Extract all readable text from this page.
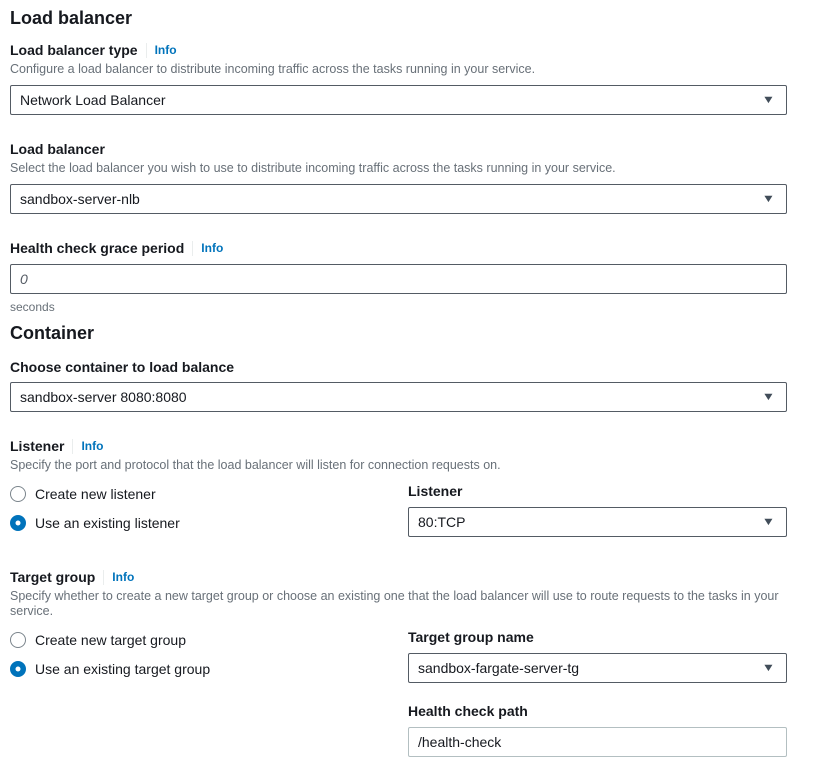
Load balancer
Load balancer type Info

Configure a load balancer to distribute incoming traffic across the tasks running in your service.

Network Load Balancer	▼
Load balancer

Select the load balancer you wish to use to distribute incoming traffic across the tasks running in your service.

sandbox-server-nlb	▼
Health check grace period Info
0
seconds
Container
Choose container to load balance
sandbox-server 8080:8080	▼
Listener Info

Specify the port and protocol that the load balancer will listen for connection requests on.

Create new listener
Use an existing listener
Listener
80:TCP	▼
Target group Info

Specify whether to create a new target group or choose an existing one that the load balancer will use to route requests to the tasks in your service.

Create new target group
Use an existing target group
Target group name
sandbox-fargate-server-tg	▼
Health check path
/health-check
